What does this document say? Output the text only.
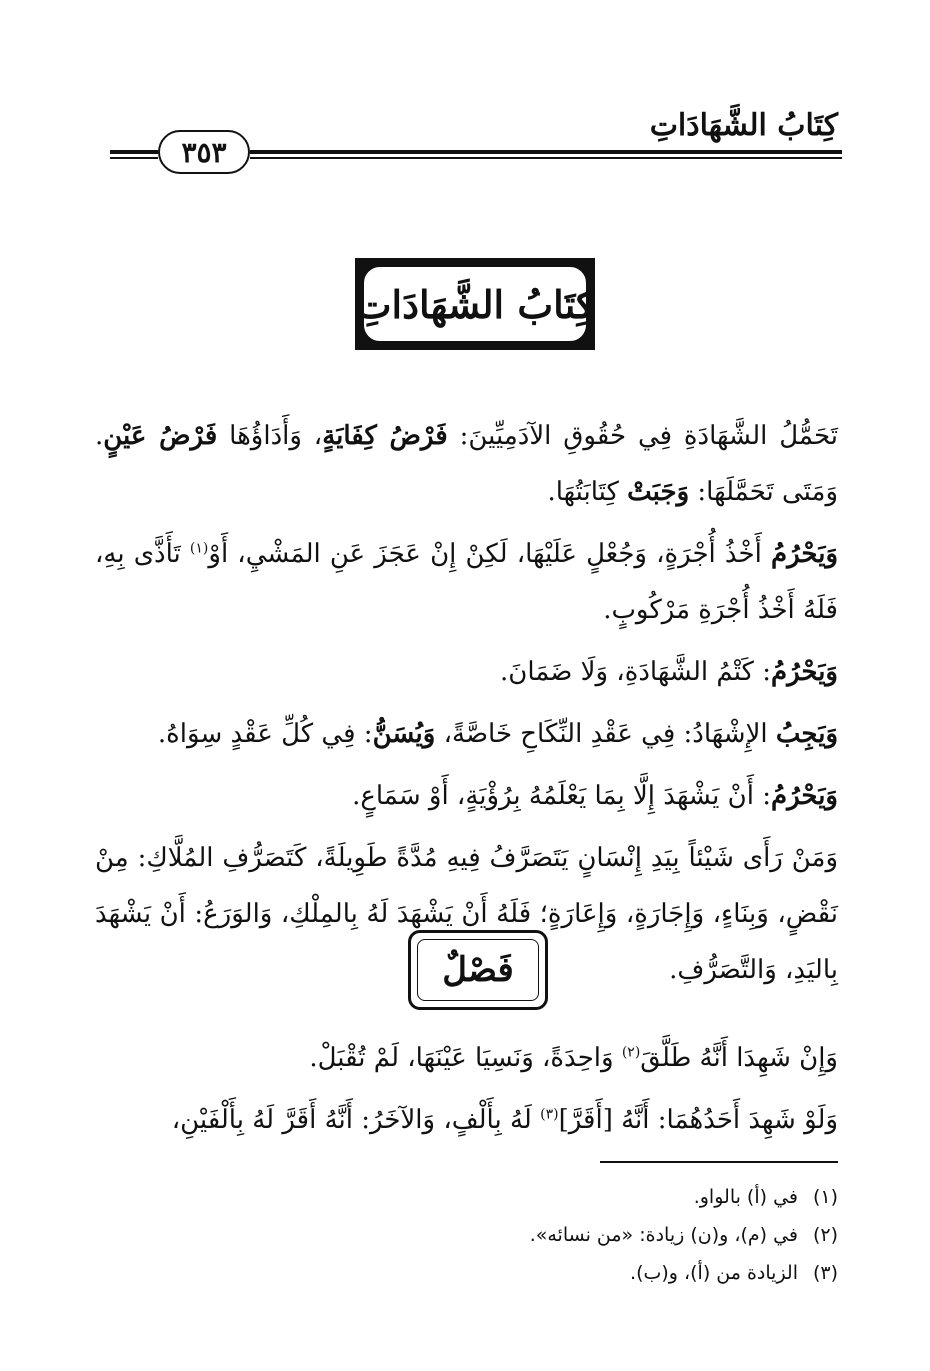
كِتَابُ الشَّهَادَاتِ
٣٥٣
كِتَابُ الشَّهَادَاتِ

تَحَمُّلُ الشَّهَادَةِ فِي حُقُوقِ الآدَمِيِّينَ: فَرْضُ كِفَايَةٍ، وَأَدَاؤُهَا فَرْضُ عَيْنٍ. وَمَتَى تَحَمَّلَهَا: وَجَبَتْ كِتَابَتُهَا.

وَيَحْرُمُ أَخْذُ أُجْرَةٍ، وَجُعْلٍ عَلَيْهَا، لَكِنْ إِنْ عَجَزَ عَنِ المَشْيِ، أَوْ$^{(١)}$ تَأَذَّى بِهِ، فَلَهُ أَخْذُ أُجْرَةِ مَرْكُوبٍ.

وَيَحْرُمُ: كَتْمُ الشَّهَادَةِ، وَلَا ضَمَانَ.

وَيَجِبُ الإِشْهَادُ: فِي عَقْدِ النِّكَاحِ خَاصَّةً، وَيُسَنُّ: فِي كُلِّ عَقْدٍ سِوَاهُ.

وَيَحْرُمُ: أَنْ يَشْهَدَ إِلَّا بِمَا يَعْلَمُهُ بِرُؤْيَةٍ، أَوْ سَمَاعٍ.

وَمَنْ رَأَى شَيْئاً بِيَدِ إِنْسَانٍ يَتَصَرَّفُ فِيهِ مُدَّةً طَوِيلَةً، كَتَصَرُّفِ المُلَّاكِ: مِنْ نَقْضٍ، وَبِنَاءٍ، وَإِجَارَةٍ، وَإِعَارَةٍ؛ فَلَهُ أَنْ يَشْهَدَ لَهُ بِالمِلْكِ، وَالوَرَعُ: أَنْ يَشْهَدَ بِاليَدِ، وَالتَّصَرُّفِ.

فَصْلٌ

وَإِنْ شَهِدَا أَنَّهُ طَلَّقَ$^{(٢)}$ وَاحِدَةً، وَنَسِيَا عَيْنَهَا، لَمْ تُقْبَلْ.

وَلَوْ شَهِدَ أَحَدُهُمَا: أَنَّهُ [أَقَرَّ]$^{(٣)}$ لَهُ بِأَلْفٍ، وَالآخَرُ: أَنَّهُ أَقَرَّ لَهُ بِأَلْفَيْنِ،

(١)في (أ) بالواو.
(٢)في (م)، و(ن) زيادة: «من نسائه».
(٣)الزيادة من (أ)، و(ب).
